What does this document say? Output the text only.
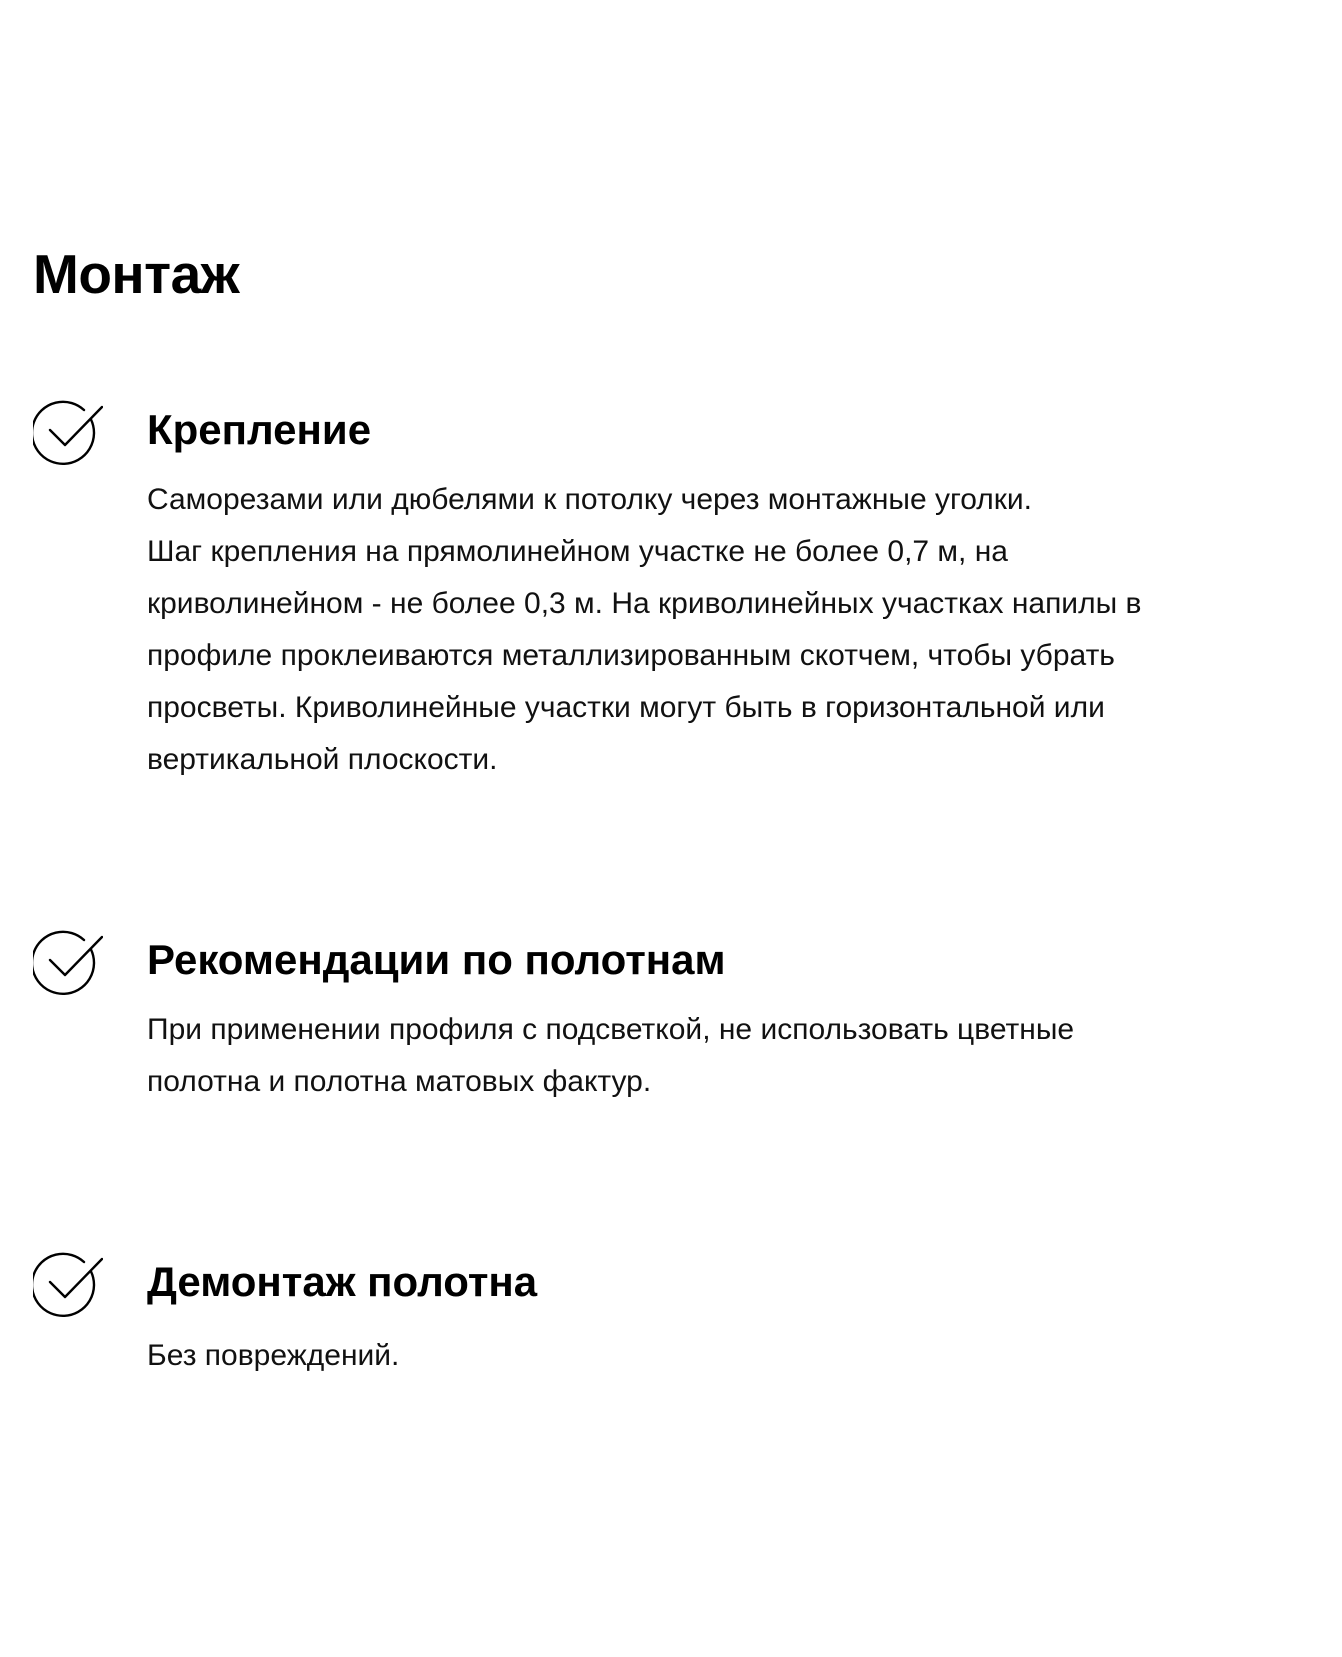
Монтаж
Крепление

Саморезами или дюбелями к потолку через монтажные уголки.
Шаг крепления на прямолинейном участке не более 0,7 м, на
криволинейном - не более 0,3 м. На криволинейных участках напилы в
профиле проклеиваются металлизированным скотчем, чтобы убрать
просветы. Криволинейные участки могут быть в горизонтальной или
вертикальной плоскости.

Рекомендации по полотнам

При применении профиля с подсветкой, не использовать цветные
полотна и полотна матовых фактур.

Демонтаж полотна

Без повреждений.
